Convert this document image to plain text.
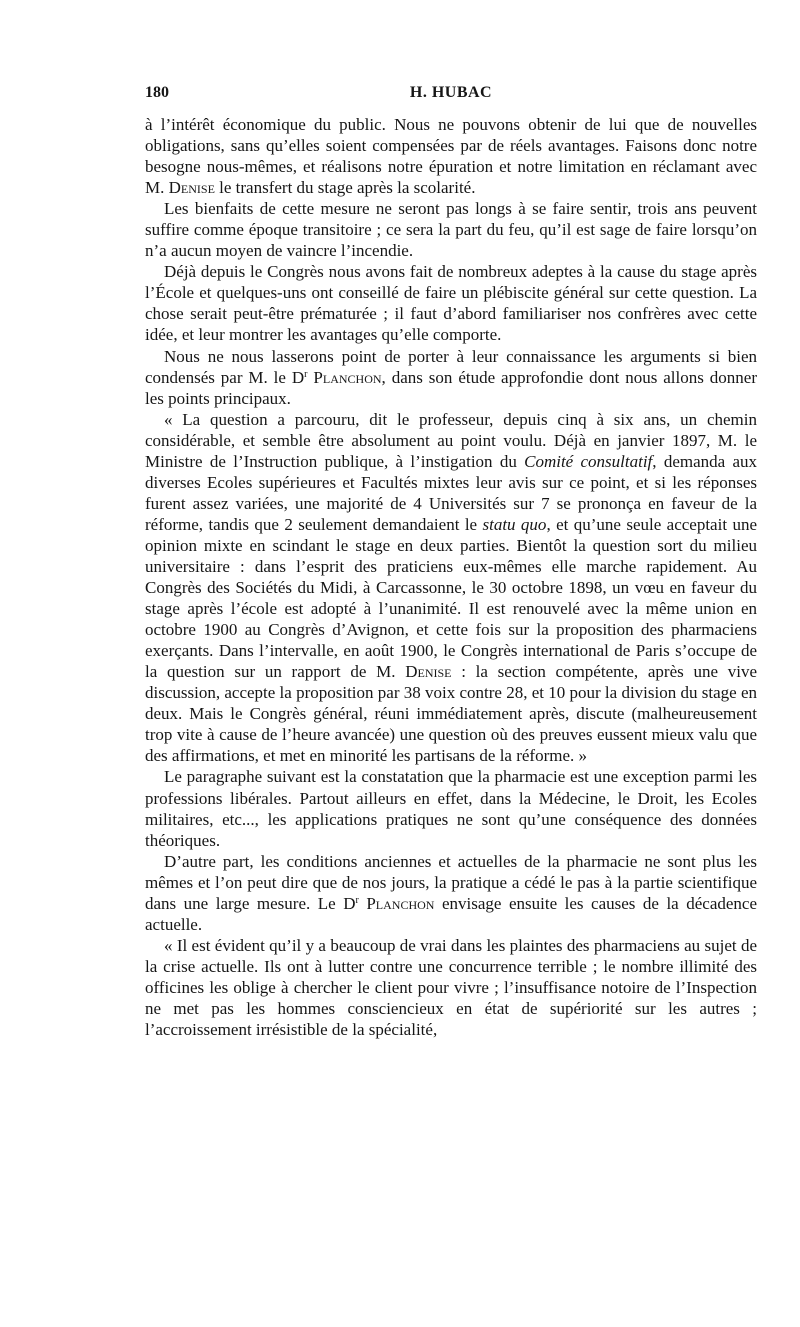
180	H. HUBAC

à l’intérêt économique du public. Nous ne pouvons obtenir de lui que de nouvelles obligations, sans qu’elles soient compensées par de réels avantages. Faisons donc notre besogne nous-mêmes, et réalisons notre épuration et notre limitation en réclamant avec M. Denise le transfert du stage après la scolarité.

Les bienfaits de cette mesure ne seront pas longs à se faire sentir, trois ans peuvent suffire comme époque transitoire ; ce sera la part du feu, qu’il est sage de faire lorsqu’on n’a aucun moyen de vaincre l’incendie.

Déjà depuis le Congrès nous avons fait de nombreux adeptes à la cause du stage après l’École et quelques-uns ont conseillé de faire un plébiscite général sur cette question. La chose serait peut-être prématurée ; il faut d’abord familiariser nos confrères avec cette idée, et leur montrer les avantages qu’elle comporte.

Nous ne nous lasserons point de porter à leur connaissance les arguments si bien condensés par M. le $D^r$ Planchon, dans son étude approfondie dont nous allons donner les points principaux.

« La question a parcouru, dit le professeur, depuis cinq à six ans, un chemin considérable, et semble être absolument au point voulu. Déjà en janvier 1897, M. le Ministre de l’Instruction publique, à l’instigation du Comité consultatif, demanda aux diverses Ecoles supérieures et Facultés mixtes leur avis sur ce point, et si les réponses furent assez variées, une majorité de 4 Universités sur 7 se prononça en faveur de la réforme, tandis que 2 seulement demandaient le statu quo, et qu’une seule acceptait une opinion mixte en scindant le stage en deux parties. Bientôt la question sort du milieu universitaire : dans l’esprit des praticiens eux-mêmes elle marche rapidement. Au Congrès des Sociétés du Midi, à Carcassonne, le 30 octobre 1898, un vœu en faveur du stage après l’école est adopté à l’unanimité. Il est renouvelé avec la même union en octobre 1900 au Congrès d’Avignon, et cette fois sur la proposition des pharmaciens exerçants. Dans l’intervalle, en août 1900, le Congrès international de Paris s’occupe de la question sur un rapport de M. Denise : la section compétente, après une vive discussion, accepte la proposition par 38 voix contre 28, et 10 pour la division du stage en deux. Mais le Congrès général, réuni immédiatement après, discute (malheureusement trop vite à cause de l’heure avancée) une question où des preuves eussent mieux valu que des affirmations, et met en minorité les partisans de la réforme. »

Le paragraphe suivant est la constatation que la pharmacie est une exception parmi les professions libérales. Partout ailleurs en effet, dans la Médecine, le Droit, les Ecoles militaires, etc..., les applications pratiques ne sont qu’une conséquence des données théoriques.

D’autre part, les conditions anciennes et actuelles de la pharmacie ne sont plus les mêmes et l’on peut dire que de nos jours, la pratique a cédé le pas à la partie scientifique dans une large mesure. Le $D^r$ Planchon envisage ensuite les causes de la décadence actuelle.

« Il est évident qu’il y a beaucoup de vrai dans les plaintes des pharmaciens au sujet de la crise actuelle. Ils ont à lutter contre une concurrence terrible ; le nombre illimité des officines les oblige à chercher le client pour vivre ; l’insuffisance notoire de l’Inspection ne met pas les hommes consciencieux en état de supériorité sur les autres ; l’accroissement irrésistible de la spécialité,
